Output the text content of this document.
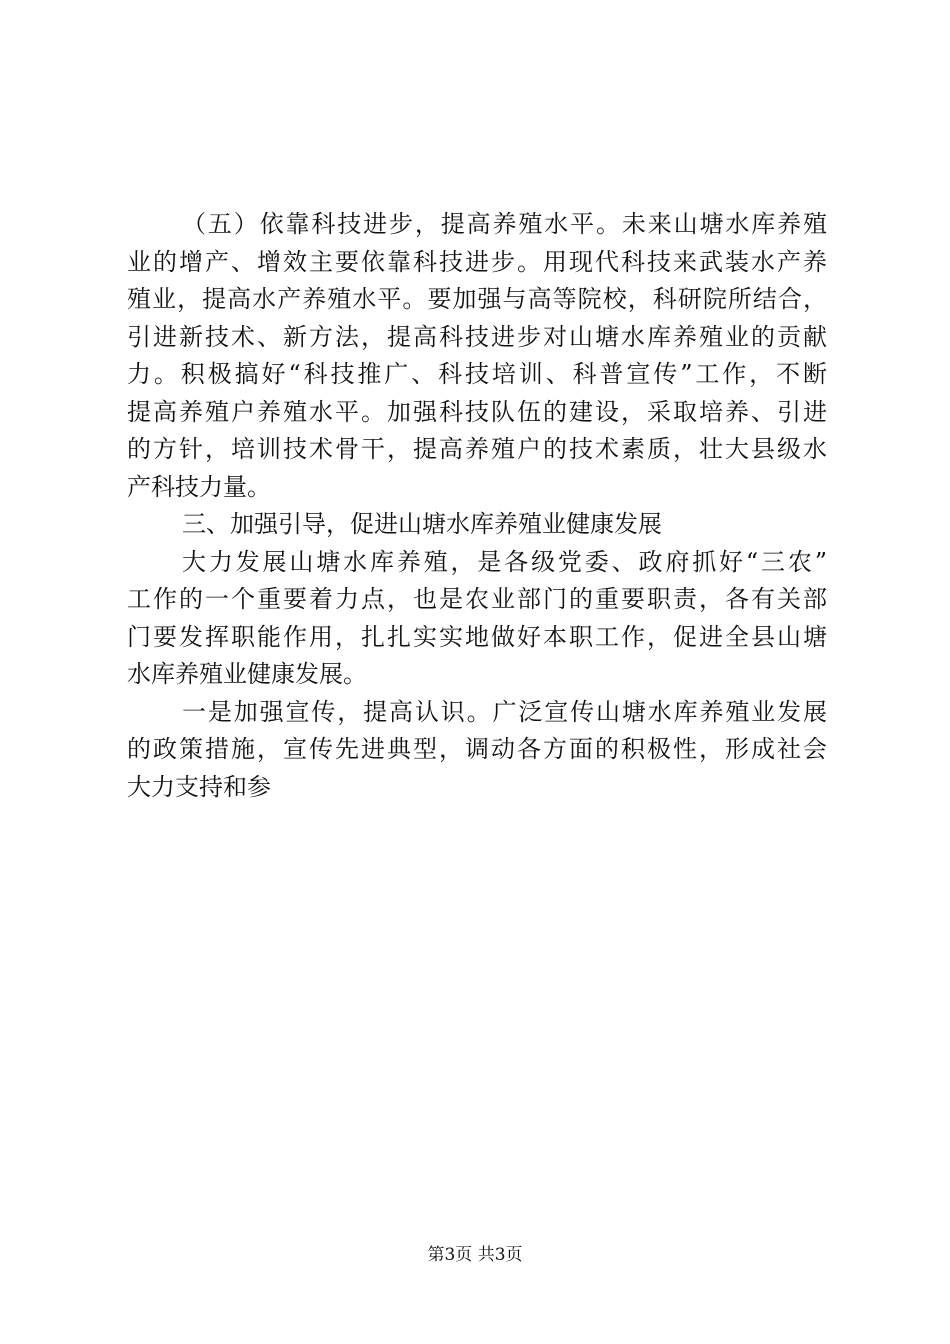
（五）依靠科技进步，提高养殖水平。未来山塘水库养殖
业的增产、增效主要依靠科技进步。用现代科技来武装水产养
殖业，提高水产养殖水平。要加强与高等院校，科研院所结合，
引进新技术、新方法，提高科技进步对山塘水库养殖业的贡献
力。积极搞好“科技推广、科技培训、科普宣传”工作，不断
提高养殖户养殖水平。加强科技队伍的建设，采取培养、引进
的方针，培训技术骨干，提高养殖户的技术素质，壮大县级水
产科技力量。
三、加强引导，促进山塘水库养殖业健康发展
大力发展山塘水库养殖，是各级党委、政府抓好“三农”
工作的一个重要着力点，也是农业部门的重要职责，各有关部
门要发挥职能作用，扎扎实实地做好本职工作，促进全县山塘
水库养殖业健康发展。
一是加强宣传，提高认识。广泛宣传山塘水库养殖业发展
的政策措施，宣传先进典型，调动各方面的积极性，形成社会
大力支持和参
第3页 共3页
